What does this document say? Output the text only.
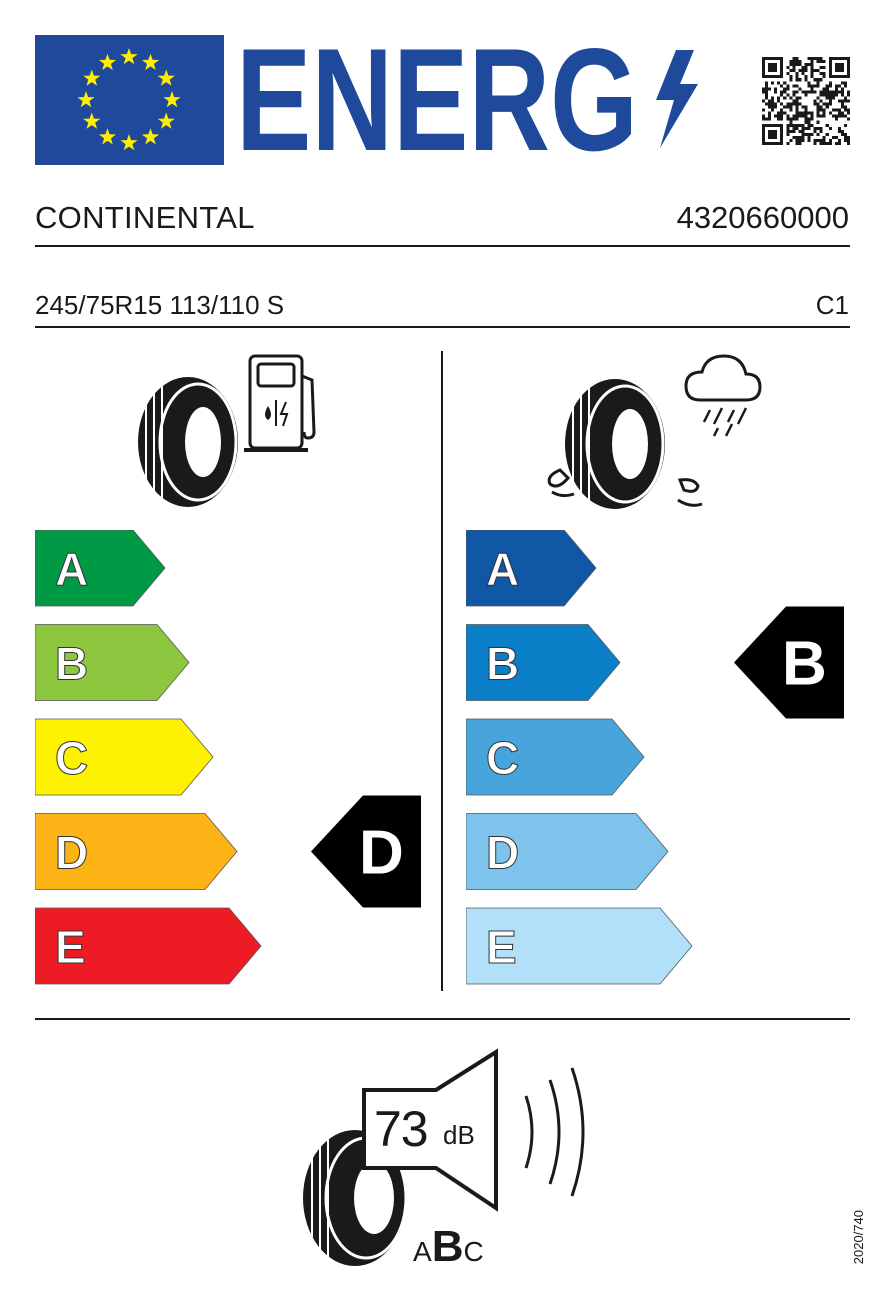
ENERG
CONTINENTAL	4320660000
245/75R15 113/110 S	C1
A
B
C
D
E
D
A
B
C
D
E
B
73 dB
ABC	2020/740
